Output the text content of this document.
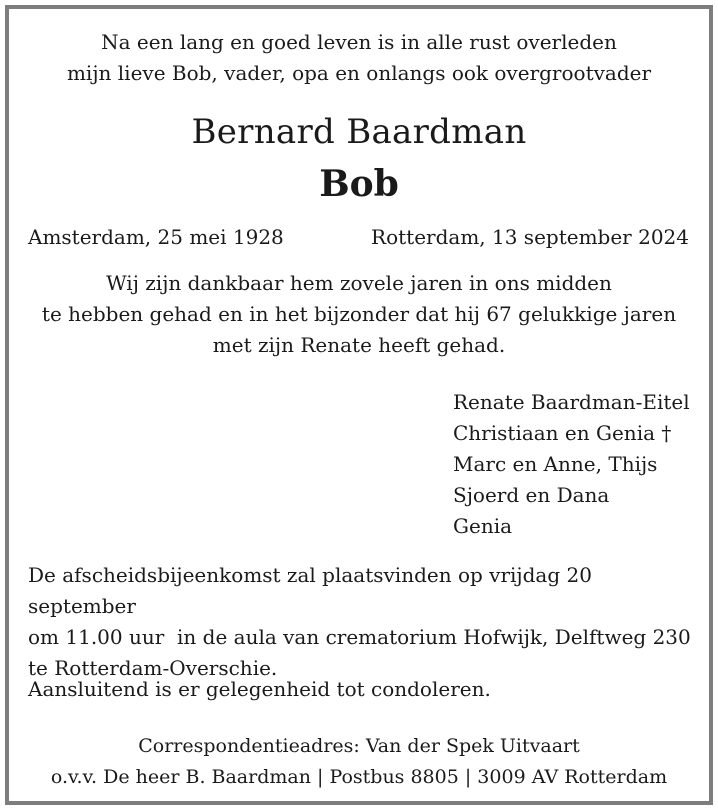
Na een lang en goed leven is in alle rust overleden
mijn lieve Bob, vader, opa en onlangs ook overgrootvader
Bernard Baardman
Bob
Amsterdam, 25 mei 1928	Rotterdam, 13 september 2024
Wij zijn dankbaar hem zovele jaren in ons midden
te hebben gehad en in het bijzonder dat hij 67 gelukkige jaren
met zijn Renate heeft gehad.
Renate Baardman-Eitel
Christiaan en Genia †
Marc en Anne, Thijs
Sjoerd en Dana
Genia
De afscheidsbijeenkomst zal plaatsvinden op vrijdag 20 september
om 11.00 uur  in de aula van crematorium Hofwijk, Delftweg 230
te Rotterdam-Overschie.
Aansluitend is er gelegenheid tot condoleren.
Correspondentieadres: Van der Spek Uitvaart
o.v.v. De heer B. Baardman | Postbus 8805 | 3009 AV Rotterdam
